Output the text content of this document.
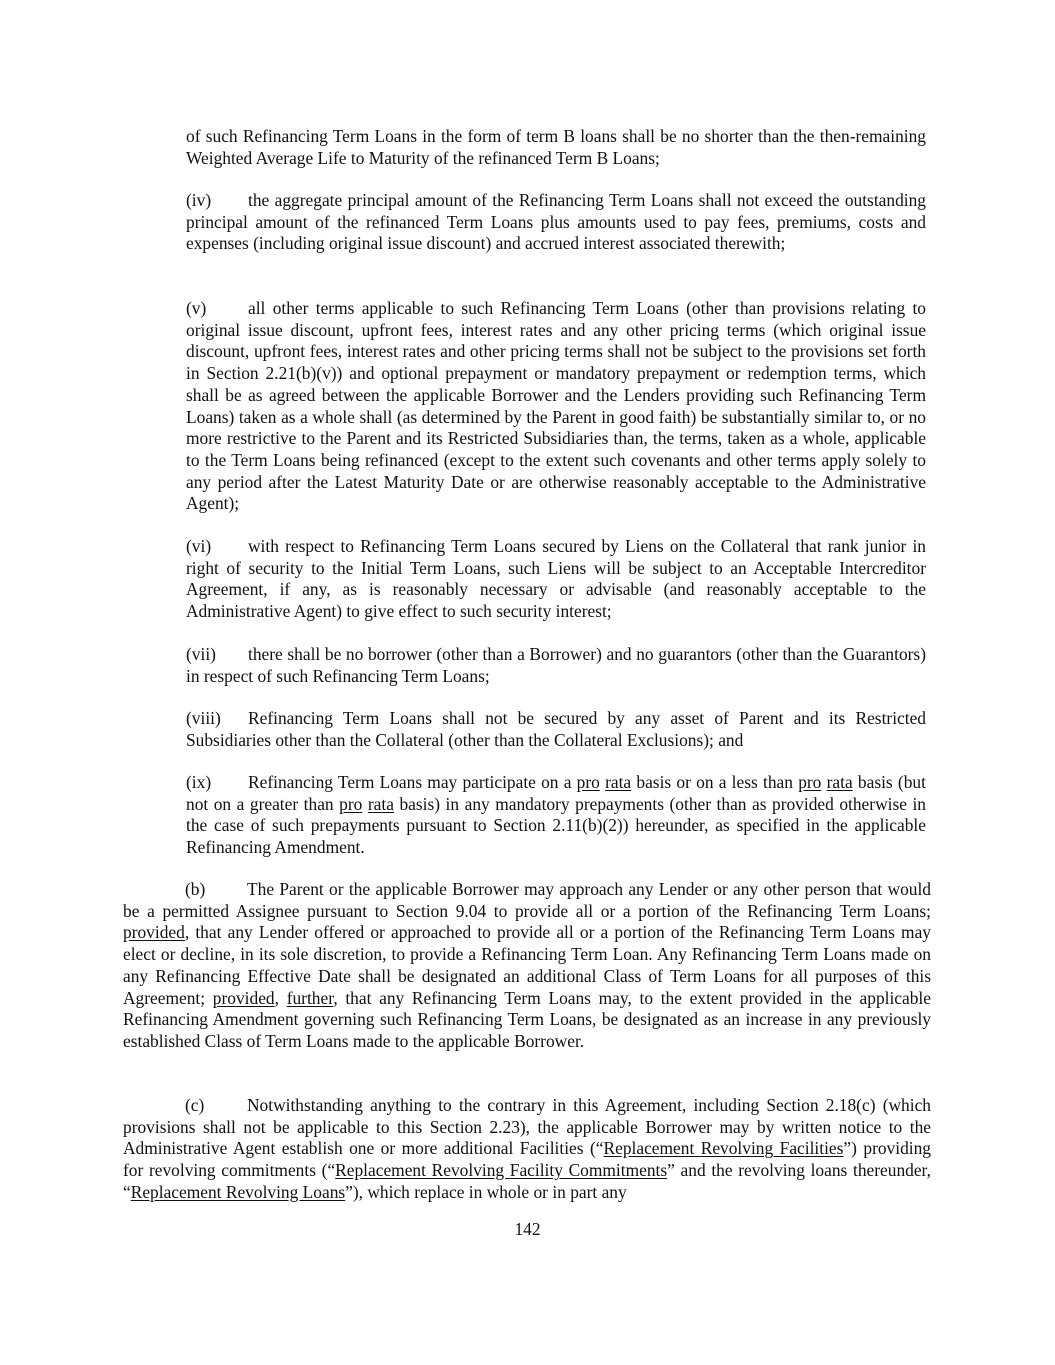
of such Refinancing Term Loans in the form of term B loans shall be no shorter than the then-remaining Weighted Average Life to Maturity of the refinanced Term B Loans;

(iv) the aggregate principal amount of the Refinancing Term Loans shall not exceed the outstanding principal amount of the refinanced Term Loans plus amounts used to pay fees, premiums, costs and expenses (including original issue discount) and accrued interest associated therewith;

(v) all other terms applicable to such Refinancing Term Loans (other than provisions relating to original issue discount, upfront fees, interest rates and any other pricing terms (which original issue discount, upfront fees, interest rates and other pricing terms shall not be subject to the provisions set forth in Section 2.21(b)(v)) and optional prepayment or mandatory prepayment or redemption terms, which shall be as agreed between the applicable Borrower and the Lenders providing such Refinancing Term Loans) taken as a whole shall (as determined by the Parent in good faith) be substantially similar to, or no more restrictive to the Parent and its Restricted Subsidiaries than, the terms, taken as a whole, applicable to the Term Loans being refinanced (except to the extent such covenants and other terms apply solely to any period after the Latest Maturity Date or are otherwise reasonably acceptable to the Administrative Agent);

(vi) with respect to Refinancing Term Loans secured by Liens on the Collateral that rank junior in right of security to the Initial Term Loans, such Liens will be subject to an Acceptable Intercreditor Agreement, if any, as is reasonably necessary or advisable (and reasonably acceptable to the Administrative Agent) to give effect to such security interest;

(vii) there shall be no borrower (other than a Borrower) and no guarantors (other than the Guarantors) in respect of such Refinancing Term Loans;

(viii) Refinancing Term Loans shall not be secured by any asset of Parent and its Restricted Subsidiaries other than the Collateral (other than the Collateral Exclusions); and

(ix) Refinancing Term Loans may participate on a pro rata basis or on a less than pro rata basis (but not on a greater than pro rata basis) in any mandatory prepayments (other than as provided otherwise in the case of such prepayments pursuant to Section 2.11(b)(2)) hereunder, as specified in the applicable Refinancing Amendment.

(b) The Parent or the applicable Borrower may approach any Lender or any other person that would be a permitted Assignee pursuant to Section 9.04 to provide all or a portion of the Refinancing Term Loans; provided, that any Lender offered or approached to provide all or a portion of the Refinancing Term Loans may elect or decline, in its sole discretion, to provide a Refinancing Term Loan. Any Refinancing Term Loans made on any Refinancing Effective Date shall be designated an additional Class of Term Loans for all purposes of this Agreement; provided, further, that any Refinancing Term Loans may, to the extent provided in the applicable Refinancing Amendment governing such Refinancing Term Loans, be designated as an increase in any previously established Class of Term Loans made to the applicable Borrower.

(c) Notwithstanding anything to the contrary in this Agreement, including Section 2.18(c) (which provisions shall not be applicable to this Section 2.23), the applicable Borrower may by written notice to the Administrative Agent establish one or more additional Facilities (“Replacement Revolving Facilities”) providing for revolving commitments (“Replacement Revolving Facility Commitments” and the revolving loans thereunder, “Replacement Revolving Loans”), which replace in whole or in part any

142
